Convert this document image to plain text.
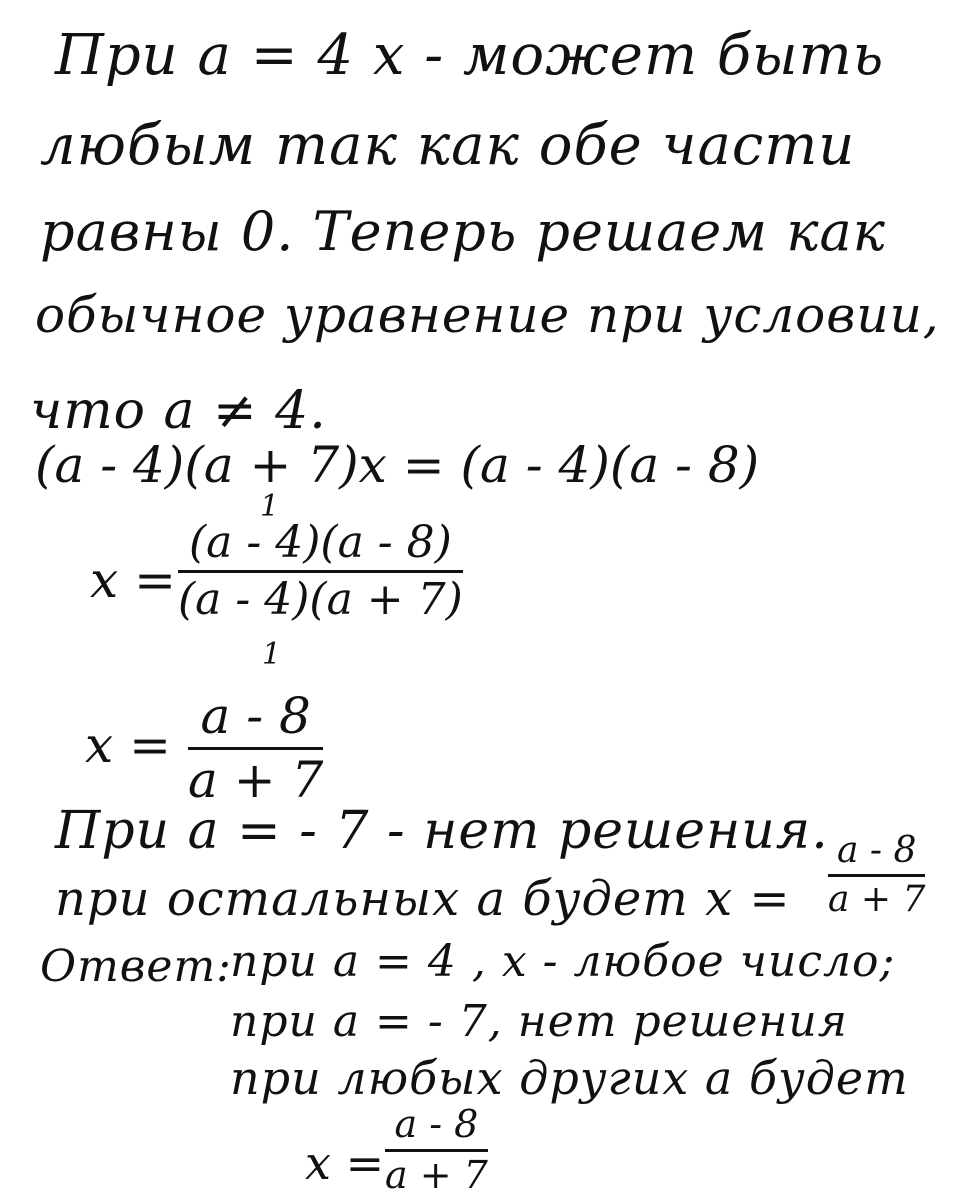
При a = 4 x - может быть
любым так как обе части
равны 0. Теперь решаем как
обычное уравнение при условии,
что a ≠ 4.
(a - 4)(a + 7)x = (a - 4)(a - 8)
x =
1
(a - 4)(a - 8)
(a - 4)(a + 7)
1
x = a - 8
a + 7
При a = - 7 - нет решения.
при остальных a будет x =
a - 8
a + 7
Ответ:
при a = 4 , x - любое число;
при a = - 7, нет решения
при любых других a будет
x =
a - 8
a + 7
